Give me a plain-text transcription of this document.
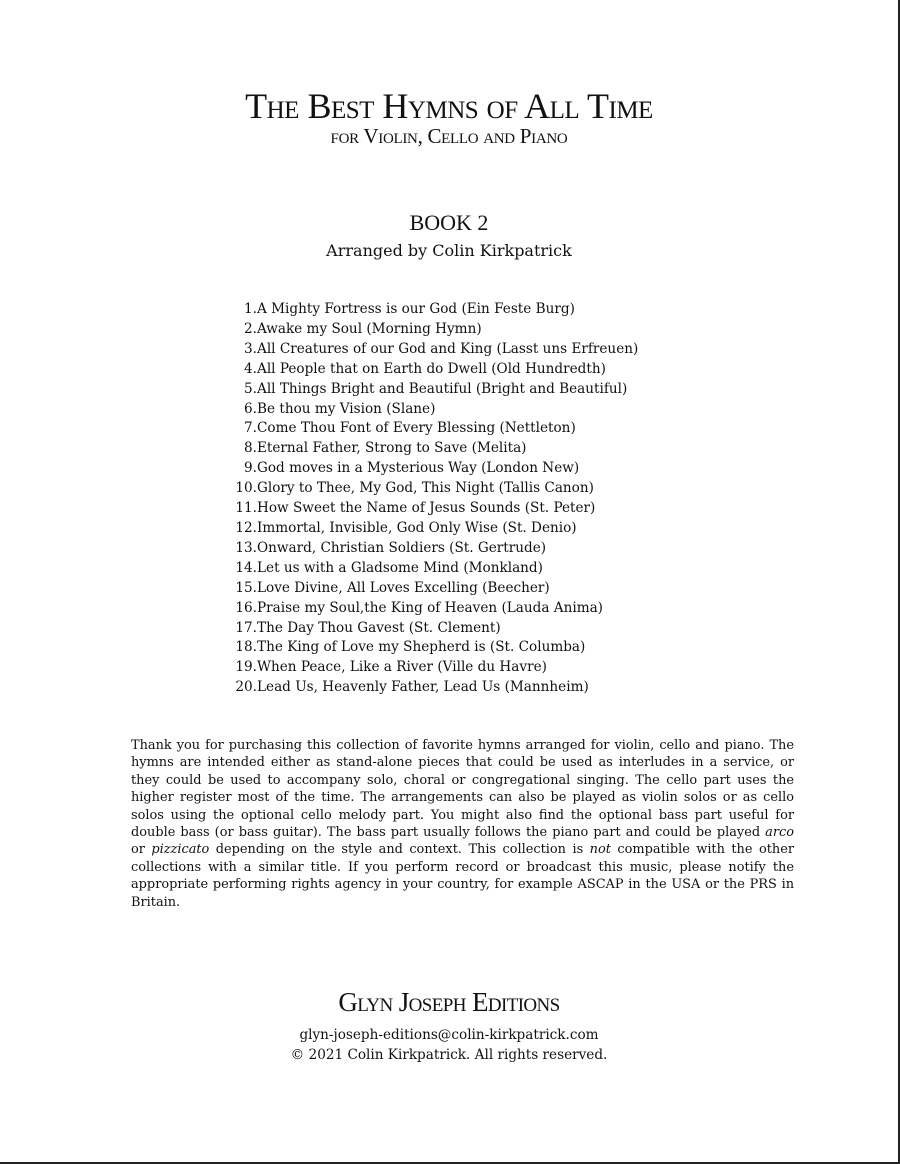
The Best Hymns of All Time
for Violin, Cello and Piano
BOOK 2
Arranged by Colin Kirkpatrick
1. A Mighty Fortress is our God (Ein Feste Burg)
2. Awake my Soul (Morning Hymn)
3. All Creatures of our God and King (Lasst uns Erfreuen)
4. All People that on Earth do Dwell (Old Hundredth)
5. All Things Bright and Beautiful (Bright and Beautiful)
6. Be thou my Vision (Slane)
7. Come Thou Font of Every Blessing (Nettleton)
8. Eternal Father, Strong to Save (Melita)
9. God moves in a Mysterious Way (London New)
10. Glory to Thee, My God, This Night (Tallis Canon)
11. How Sweet the Name of Jesus Sounds (St. Peter)
12. Immortal, Invisible, God Only Wise (St. Denio)
13. Onward, Christian Soldiers (St. Gertrude)
14. Let us with a Gladsome Mind (Monkland)
15. Love Divine, All Loves Excelling (Beecher)
16. Praise my Soul,the King of Heaven (Lauda Anima)
17. The Day Thou Gavest (St. Clement)
18. The King of Love my Shepherd is (St. Columba)
19. When Peace, Like a River (Ville du Havre)
20. Lead Us, Heavenly Father, Lead Us (Mannheim)

Thank you for purchasing this collection of favorite hymns arranged for violin, cello and piano. The hymns are intended either as stand-alone pieces that could be used as interludes in a service, or they could be used to accompany solo, choral or congregational singing. The cello part uses the higher register most of the time. The arrangements can also be played as violin solos or as cello solos using the optional cello melody part. You might also find the optional bass part useful for double bass (or bass guitar). The bass part usually follows the piano part and could be played arco or pizzicato depending on the style and context. This collection is not compatible with the other collections with a similar title. If you perform record or broadcast this music, please notify the appropriate performing rights agency in your country, for example ASCAP in the USA or the PRS in Britain.

Glyn Joseph Editions
glyn-joseph-editions@colin-kirkpatrick.com
© 2021 Colin Kirkpatrick. All rights reserved.
